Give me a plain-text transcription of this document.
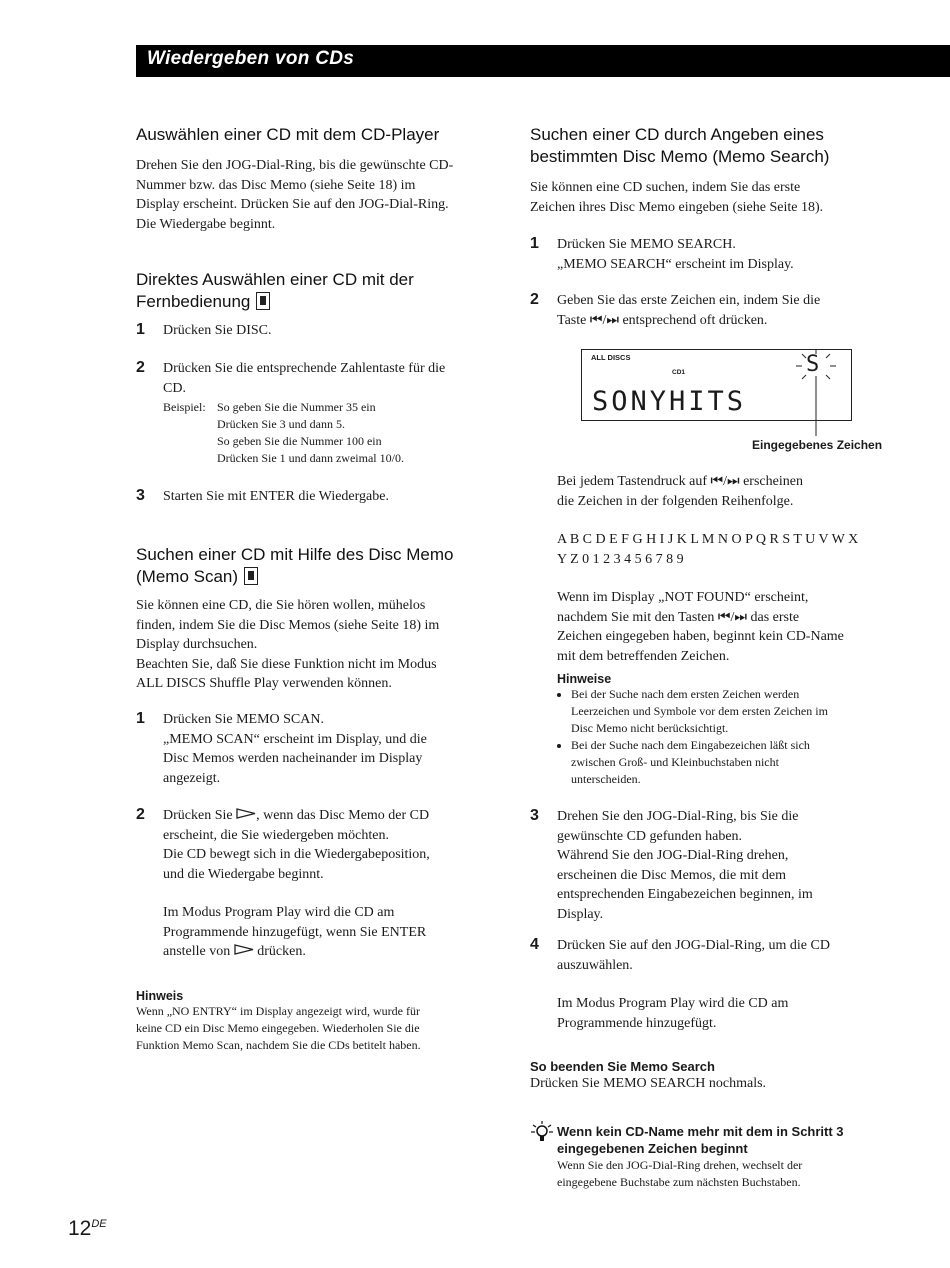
Wiedergeben von CDs

Auswählen einer CD mit dem CD-Player

Drehen Sie den JOG-Dial-Ring, bis die gewünschte CD-

Nummer bzw. das Disc Memo (siehe Seite 18) im

Display erscheint. Drücken Sie auf den JOG-Dial-Ring.

Die Wiedergabe beginnt.

Direktes Auswählen einer CD mit der

Fernbedienung

1 Drücken Sie DISC.

2 Drücken Sie die entsprechende Zahlentaste für die

CD.

Beispiel: So geben Sie die Nummer 35 ein
Drücken Sie 3 und dann 5.
So geben Sie die Nummer 100 ein
Drücken Sie 1 und dann zweimal 10/0.
3 Starten Sie mit ENTER die Wiedergabe.

Suchen einer CD mit Hilfe des Disc Memo

(Memo Scan)

Sie können eine CD, die Sie hören wollen, mühelos

finden, indem Sie die Disc Memos (siehe Seite 18) im

Display durchsuchen.

Beachten Sie, daß Sie diese Funktion nicht im Modus

ALL DISCS Shuffle Play verwenden können.

1 Drücken Sie MEMO SCAN.

„MEMO SCAN“ erscheint im Display, und die

Disc Memos werden nacheinander im Display

angezeigt.

2 Drücken Sie , wenn das Disc Memo der CD

erscheint, die Sie wiedergeben möchten.

Die CD bewegt sich in die Wiedergabeposition,

und die Wiedergabe beginnt.

Im Modus Program Play wird die CD am

Programmende hinzugefügt, wenn Sie ENTER

anstelle von  drücken.

Hinweis
Wenn „NO ENTRY“ im Display angezeigt wird, wurde für
keine CD ein Disc Memo eingegeben. Wiederholen Sie die
Funktion Memo Scan, nachdem Sie die CDs betitelt haben.

Suchen einer CD durch Angeben eines

bestimmten Disc Memo (Memo Search)

Sie können eine CD suchen, indem Sie das erste

Zeichen ihres Disc Memo eingeben (siehe Seite 18).

1 Drücken Sie MEMO SEARCH.

„MEMO SEARCH“ erscheint im Display.

2 Geben Sie das erste Zeichen ein, indem Sie die

Taste ⏮/⏭ entsprechend oft drücken.

ALL DISCS
CD1
SONYHITS
S
Eingegebenes Zeichen

Bei jedem Tastendruck auf ⏮/⏭ erscheinen

die Zeichen in der folgenden Reihenfolge.

A B C D E F G H I J K L M N O P Q R S T U V W X

Y Z 0 1 2 3 4 5 6 7 8 9

Wenn im Display „NOT FOUND“ erscheint,

nachdem Sie mit den Tasten ⏮/⏭ das erste

Zeichen eingegeben haben, beginnt kein CD-Name

mit dem betreffenden Zeichen.

Hinweise
• Bei der Suche nach dem ersten Zeichen werden
Leerzeichen und Symbole vor dem ersten Zeichen im
Disc Memo nicht berücksichtigt.
• Bei der Suche nach dem Eingabezeichen läßt sich
zwischen Groß- und Kleinbuchstaben nicht
unterscheiden.
3 Drehen Sie den JOG-Dial-Ring, bis Sie die

gewünschte CD gefunden haben.

Während Sie den JOG-Dial-Ring drehen,

erscheinen die Disc Memos, die mit dem

entsprechenden Eingabezeichen beginnen, im

Display.

4 Drücken Sie auf den JOG-Dial-Ring, um die CD

auszuwählen.

Im Modus Program Play wird die CD am

Programmende hinzugefügt.

So beenden Sie Memo Search

Drücken Sie MEMO SEARCH nochmals.

Wenn kein CD-Name mehr mit dem in Schritt 3
eingegebenen Zeichen beginnt
Wenn Sie den JOG-Dial-Ring drehen, wechselt der
eingegebene Buchstabe zum nächsten Buchstaben.
12DE
